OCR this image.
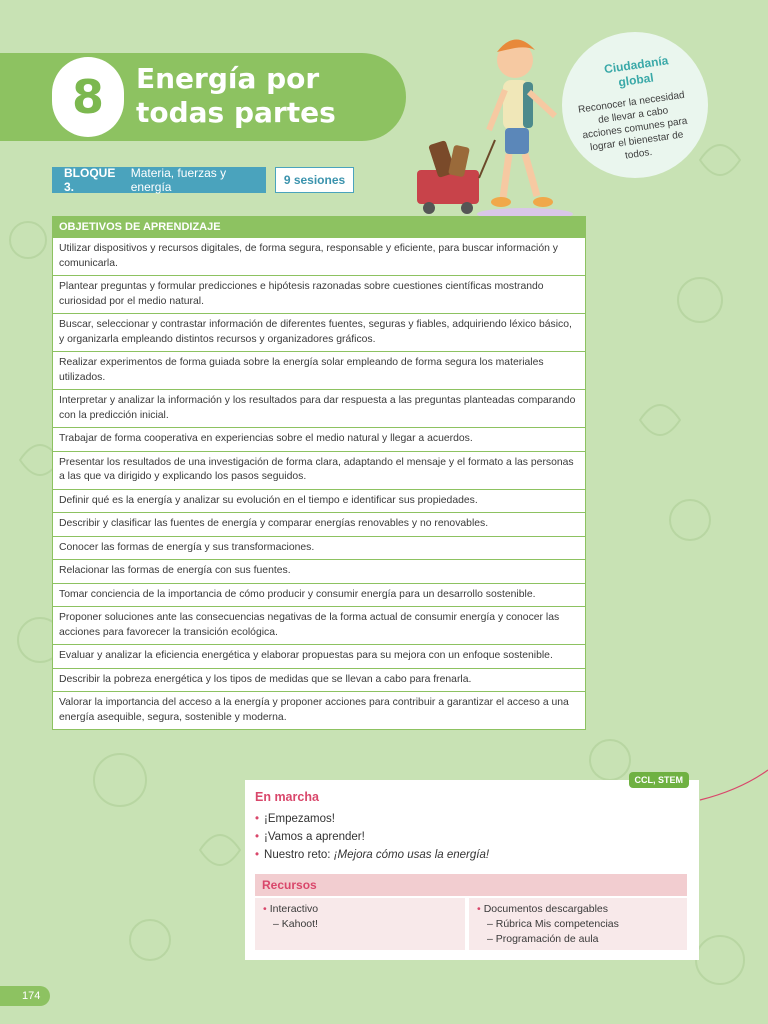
8	Energía por todas partes
Ciudadanía global
Reconocer la necesidad de llevar a cabo acciones comunes para lograr el bienestar de todos.
BLOQUE 3.
Materia, fuerzas y energía	9 sesiones
OBJETIVOS DE APRENDIZAJE
Utilizar dispositivos y recursos digitales, de forma segura, responsable y eficiente, para buscar información y comunicarla.
Plantear preguntas y formular predicciones e hipótesis razonadas sobre cuestiones científicas mostrando curiosidad por el medio natural.
Buscar, seleccionar y contrastar información de diferentes fuentes, seguras y fiables, adquiriendo léxico básico, y organizarla empleando distintos recursos y organizadores gráficos.
Realizar experimentos de forma guiada sobre la energía solar empleando de forma segura los materiales utilizados.
Interpretar y analizar la información y los resultados para dar respuesta a las preguntas planteadas comparando con la predicción inicial.
Trabajar de forma cooperativa en experiencias sobre el medio natural y llegar a acuerdos.
Presentar los resultados de una investigación de forma clara, adaptando el mensaje y el formato a las personas a las que va dirigido y explicando los pasos seguidos.
Definir qué es la energía y analizar su evolución en el tiempo e identificar sus propiedades.
Describir y clasificar las fuentes de energía y comparar energías renovables y no renovables.
Conocer las formas de energía y sus transformaciones.
Relacionar las formas de energía con sus fuentes.
Tomar conciencia de la importancia de cómo producir y consumir energía para un desarrollo sostenible.
Proponer soluciones ante las consecuencias negativas de la forma actual de consumir energía y conocer las acciones para favorecer la transición ecológica.
Evaluar y analizar la eficiencia energética y elaborar propuestas para su mejora con un enfoque sostenible.
Describir la pobreza energética y los tipos de medidas que se llevan a cabo para frenarla.
Valorar la importancia del acceso a la energía y proponer acciones para contribuir a garantizar el acceso a una energía asequible, segura, sostenible y moderna.
CCL, STEM
En marcha
• ¡Empezamos!
• ¡Vamos a aprender!
• Nuestro reto: ¡Mejora cómo usas la energía!
Recursos
• Interactivo
– Kahoot!
• Documentos descargables
– Rúbrica Mis competencias
– Programación de aula
174
